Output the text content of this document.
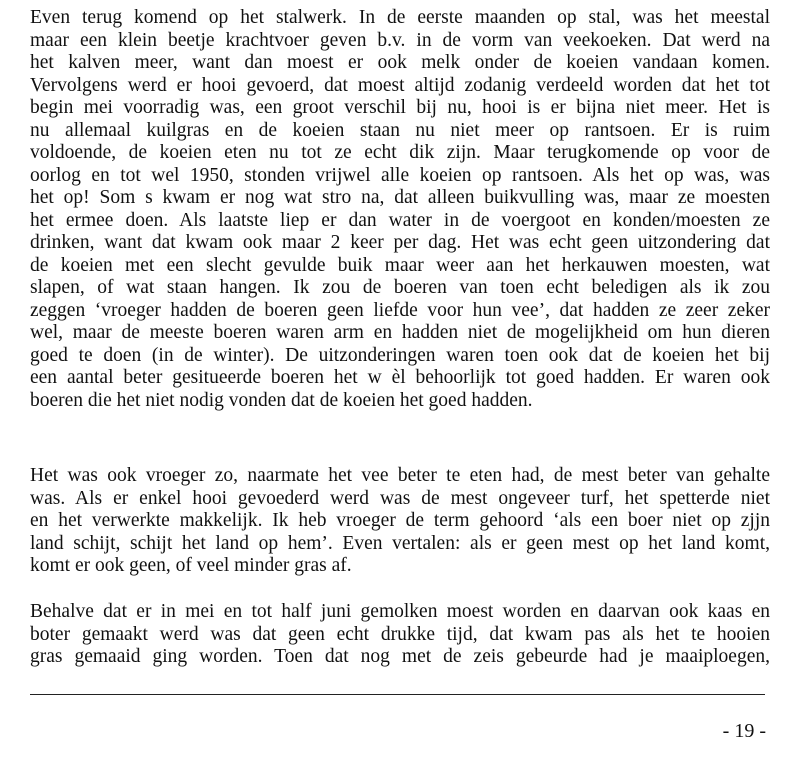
Even terug komend op het stalwerk. In de eerste maanden op stal, was het meestal
maar een klein beetje krachtvoer geven b.v. in de vorm van veekoeken. Dat werd na
het kalven meer, want dan moest er ook melk onder de koeien vandaan komen.
Vervolgens werd er hooi gevoerd, dat moest altijd zodanig verdeeld worden dat het tot
begin mei voorradig was, een groot verschil bij nu, hooi is er bijna niet meer. Het is
nu allemaal kuilgras en de koeien staan nu niet meer op rantsoen. Er is ruim
voldoende, de koeien eten nu tot ze echt dik zijn. Maar terugkomende op voor de
oorlog en tot wel 1950, stonden vrijwel alle koeien op rantsoen. Als het op was, was
het op! Som s kwam er nog wat stro na, dat alleen buikvulling was, maar ze moesten
het ermee doen. Als laatste liep er dan water in de voergoot en konden/moesten ze
drinken, want dat kwam ook maar 2 keer per dag. Het was echt geen uitzondering dat
de koeien met een slecht gevulde buik maar weer aan het herkauwen moesten, wat
slapen, of wat staan hangen. Ik zou de boeren van toen echt beledigen als ik zou
zeggen ‘vroeger hadden de boeren geen liefde voor hun vee’, dat hadden ze zeer zeker
wel, maar de meeste boeren waren arm en hadden niet de mogelijkheid om hun dieren
goed te doen (in de winter). De uitzonderingen waren toen ook dat de koeien het bij
een aantal beter gesitueerde boeren het w èl behoorlijk tot goed hadden. Er waren ook
boeren die het niet nodig vonden dat de koeien het goed hadden.
Het was ook vroeger zo, naarmate het vee beter te eten had, de mest beter van gehalte
was. Als er enkel hooi gevoederd werd was de mest ongeveer turf, het spetterde niet
en het verwerkte makkelijk. Ik heb vroeger de term gehoord ‘als een boer niet op zjjn
land schijt, schijt het land op hem’. Even vertalen: als er geen mest op het land komt,
komt er ook geen, of veel minder gras af.
Behalve dat er in mei en tot half juni gemolken moest worden en daarvan ook kaas en
boter gemaakt werd was dat geen echt drukke tijd, dat kwam pas als het te hooien
gras gemaaid ging worden. Toen dat nog met de zeis gebeurde had je maaiploegen,
- 19 -
